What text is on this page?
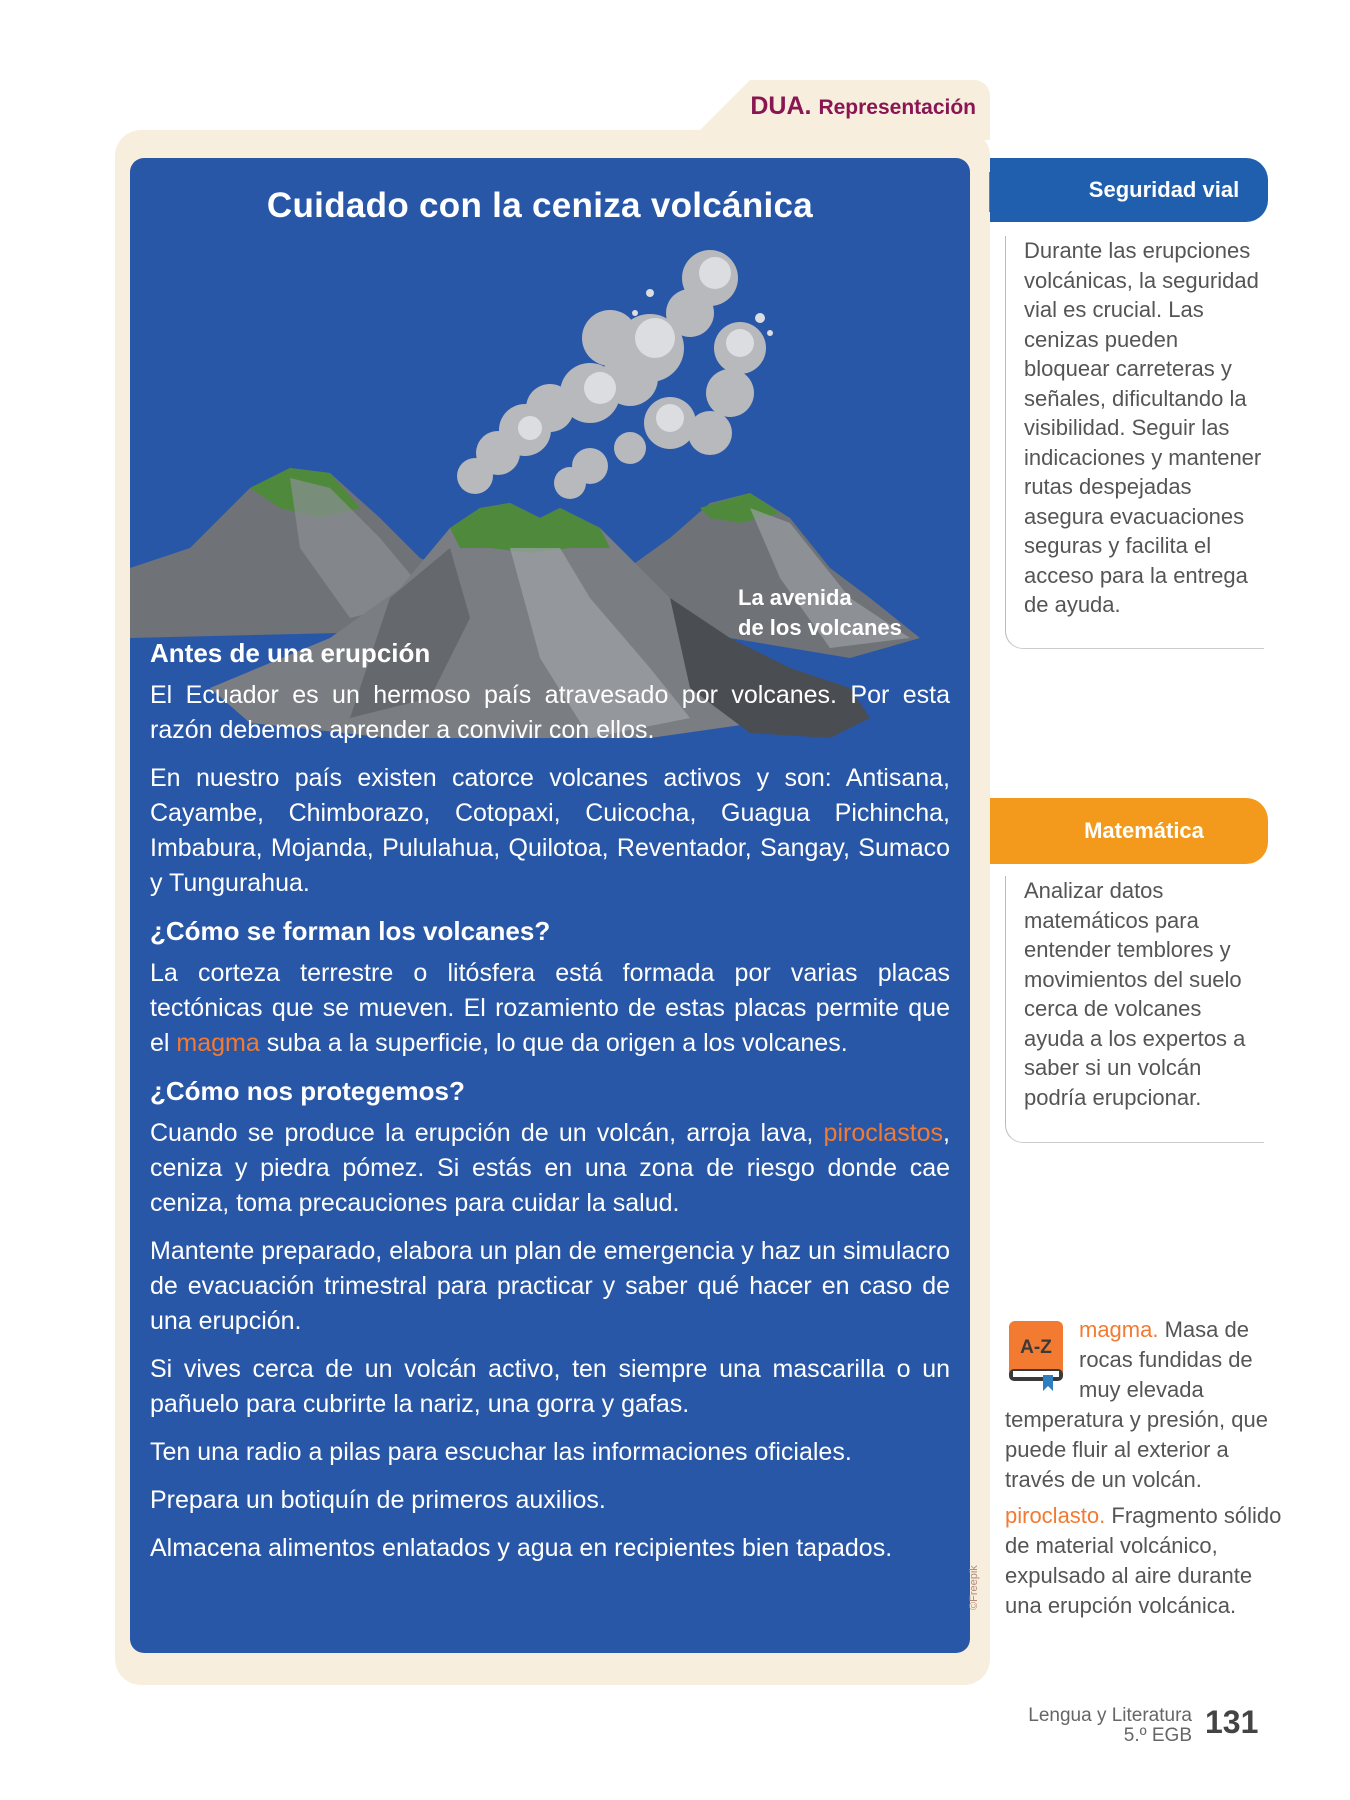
DUA. Representación
Cuidado con la ceniza volcánica
La avenida
de los volcanes
Antes de una erupción

El Ecuador es un hermoso país atravesado por volcanes. Por esta razón debemos aprender a convivir con ellos.

En nuestro país existen catorce volcanes activos y son: Antisana, Cayambe, Chimborazo, Cotopaxi, Cuicocha, Guagua Pichincha, Imbabura, Mojanda, Pululahua, Quilotoa, Reventador, Sangay, Sumaco y Tungurahua.

¿Cómo se forman los volcanes?

La corteza terrestre o litósfera está formada por varias placas tectónicas que se mueven. El rozamiento de estas placas permite que el magma suba a la superficie, lo que da origen a los volcanes.

¿Cómo nos protegemos?

Cuando se produce la erupción de un volcán, arroja lava, piroclastos, ceniza y piedra pómez. Si estás en una zona de riesgo donde cae ceniza, toma precauciones para cuidar la salud.

Mantente preparado, elabora un plan de emergencia y haz un simulacro de evacuación trimestral para practicar y saber qué hacer en caso de una erupción.

Si vives cerca de un volcán activo, ten siempre una mascarilla o un pañuelo para cubrirte la nariz, una gorra y gafas.

Ten una radio a pilas para escuchar las informaciones oficiales.

Prepara un botiquín de primeros auxilios.

Almacena alimentos enlatados y agua en recipientes bien tapados.

©Freepik
Seguridad vial
Durante las erupciones volcánicas, la seguridad vial es crucial. Las cenizas pueden bloquear carreteras y señales, dificultando la visibilidad. Seguir las indicaciones y mantener rutas despejadas asegura evacuaciones seguras y facilita el acceso para la entrega de ayuda.
Matemática
Analizar datos matemáticos para entender temblores y movimientos del suelo cerca de volcanes ayuda a los expertos a saber si un volcán podría erupcionar.
A-Z

magma. Masa de rocas fundidas de muy elevada temperatura y presión, que puede fluir al exterior a través de un volcán.

piroclasto. Fragmento sólido de material volcánico, expulsado al aire durante una erupción volcánica.

Lengua y Literatura
5.º EGB 131
